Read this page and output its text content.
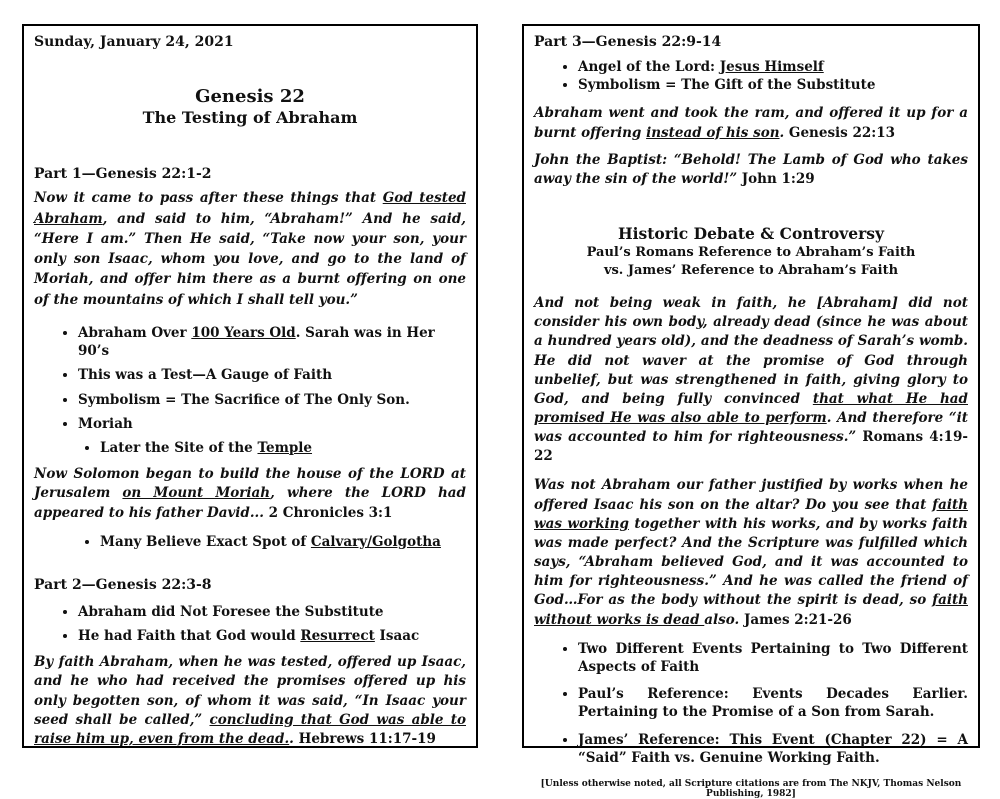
Sunday, January 24, 2021
Genesis 22
The Testing of Abraham
Part 1—Genesis 22:1-2
Now it came to pass after these things that God tested Abraham, and said to him, “Abraham!” And he said, “Here I am.” Then He said, “Take now your son, your only son Isaac, whom you love, and go to the land of Moriah, and offer him there as a burnt offering on one of the mountains of which I shall tell you.”
• Abraham Over 100 Years Old. Sarah was in Her 90’s
• This was a Test—A Gauge of Faith
• Symbolism = The Sacrifice of The Only Son.
• Moriah
• Later the Site of the Temple
Now Solomon began to build the house of the LORD at Jerusalem on Mount Moriah, where the LORD had appeared to his father David... 2 Chronicles 3:1
• Many Believe Exact Spot of Calvary/Golgotha
Part 2—Genesis 22:3-8
• Abraham did Not Foresee the Substitute
• He had Faith that God would Resurrect Isaac
By faith Abraham, when he was tested, offered up Isaac, and he who had received the promises offered up his only begotten son, of whom it was said, “In Isaac your seed shall be called,” concluding that God was able to raise him up, even from the dead.. Hebrews 11:17-19
Part 3—Genesis 22:9-14
• Angel of the Lord: Jesus Himself
• Symbolism = The Gift of the Substitute
Abraham went and took the ram, and offered it up for a burnt offering instead of his son. Genesis 22:13
John the Baptist: “Behold! The Lamb of God who takes away the sin of the world!” John 1:29
Historic Debate & Controversy
Paul’s Romans Reference to Abraham’s Faith
vs. James’ Reference to Abraham’s Faith
And not being weak in faith, he [Abraham] did not consider his own body, already dead (since he was about a hundred years old), and the deadness of Sarah’s womb. He did not waver at the promise of God through unbelief, but was strengthened in faith, giving glory to God, and being fully convinced that what He had promised He was also able to perform. And therefore “it was accounted to him for righteousness.” Romans 4:19-22
Was not Abraham our father justified by works when he offered Isaac his son on the altar? Do you see that faith was working together with his works, and by works faith was made perfect? And the Scripture was fulfilled which says, “Abraham believed God, and it was accounted to him for righteousness.” And he was called the friend of God…For as the body without the spirit is dead, so faith without works is dead also. James 2:21-26
• Two Different Events Pertaining to Two Different Aspects of Faith
• Paul’s Reference: Events Decades Earlier. Pertaining to the Promise of a Son from Sarah.
• James’ Reference: This Event (Chapter 22) = A “Said” Faith vs. Genuine Working Faith.
[Unless otherwise noted, all Scripture citations are from The NKJV, Thomas Nelson Publishing, 1982]
